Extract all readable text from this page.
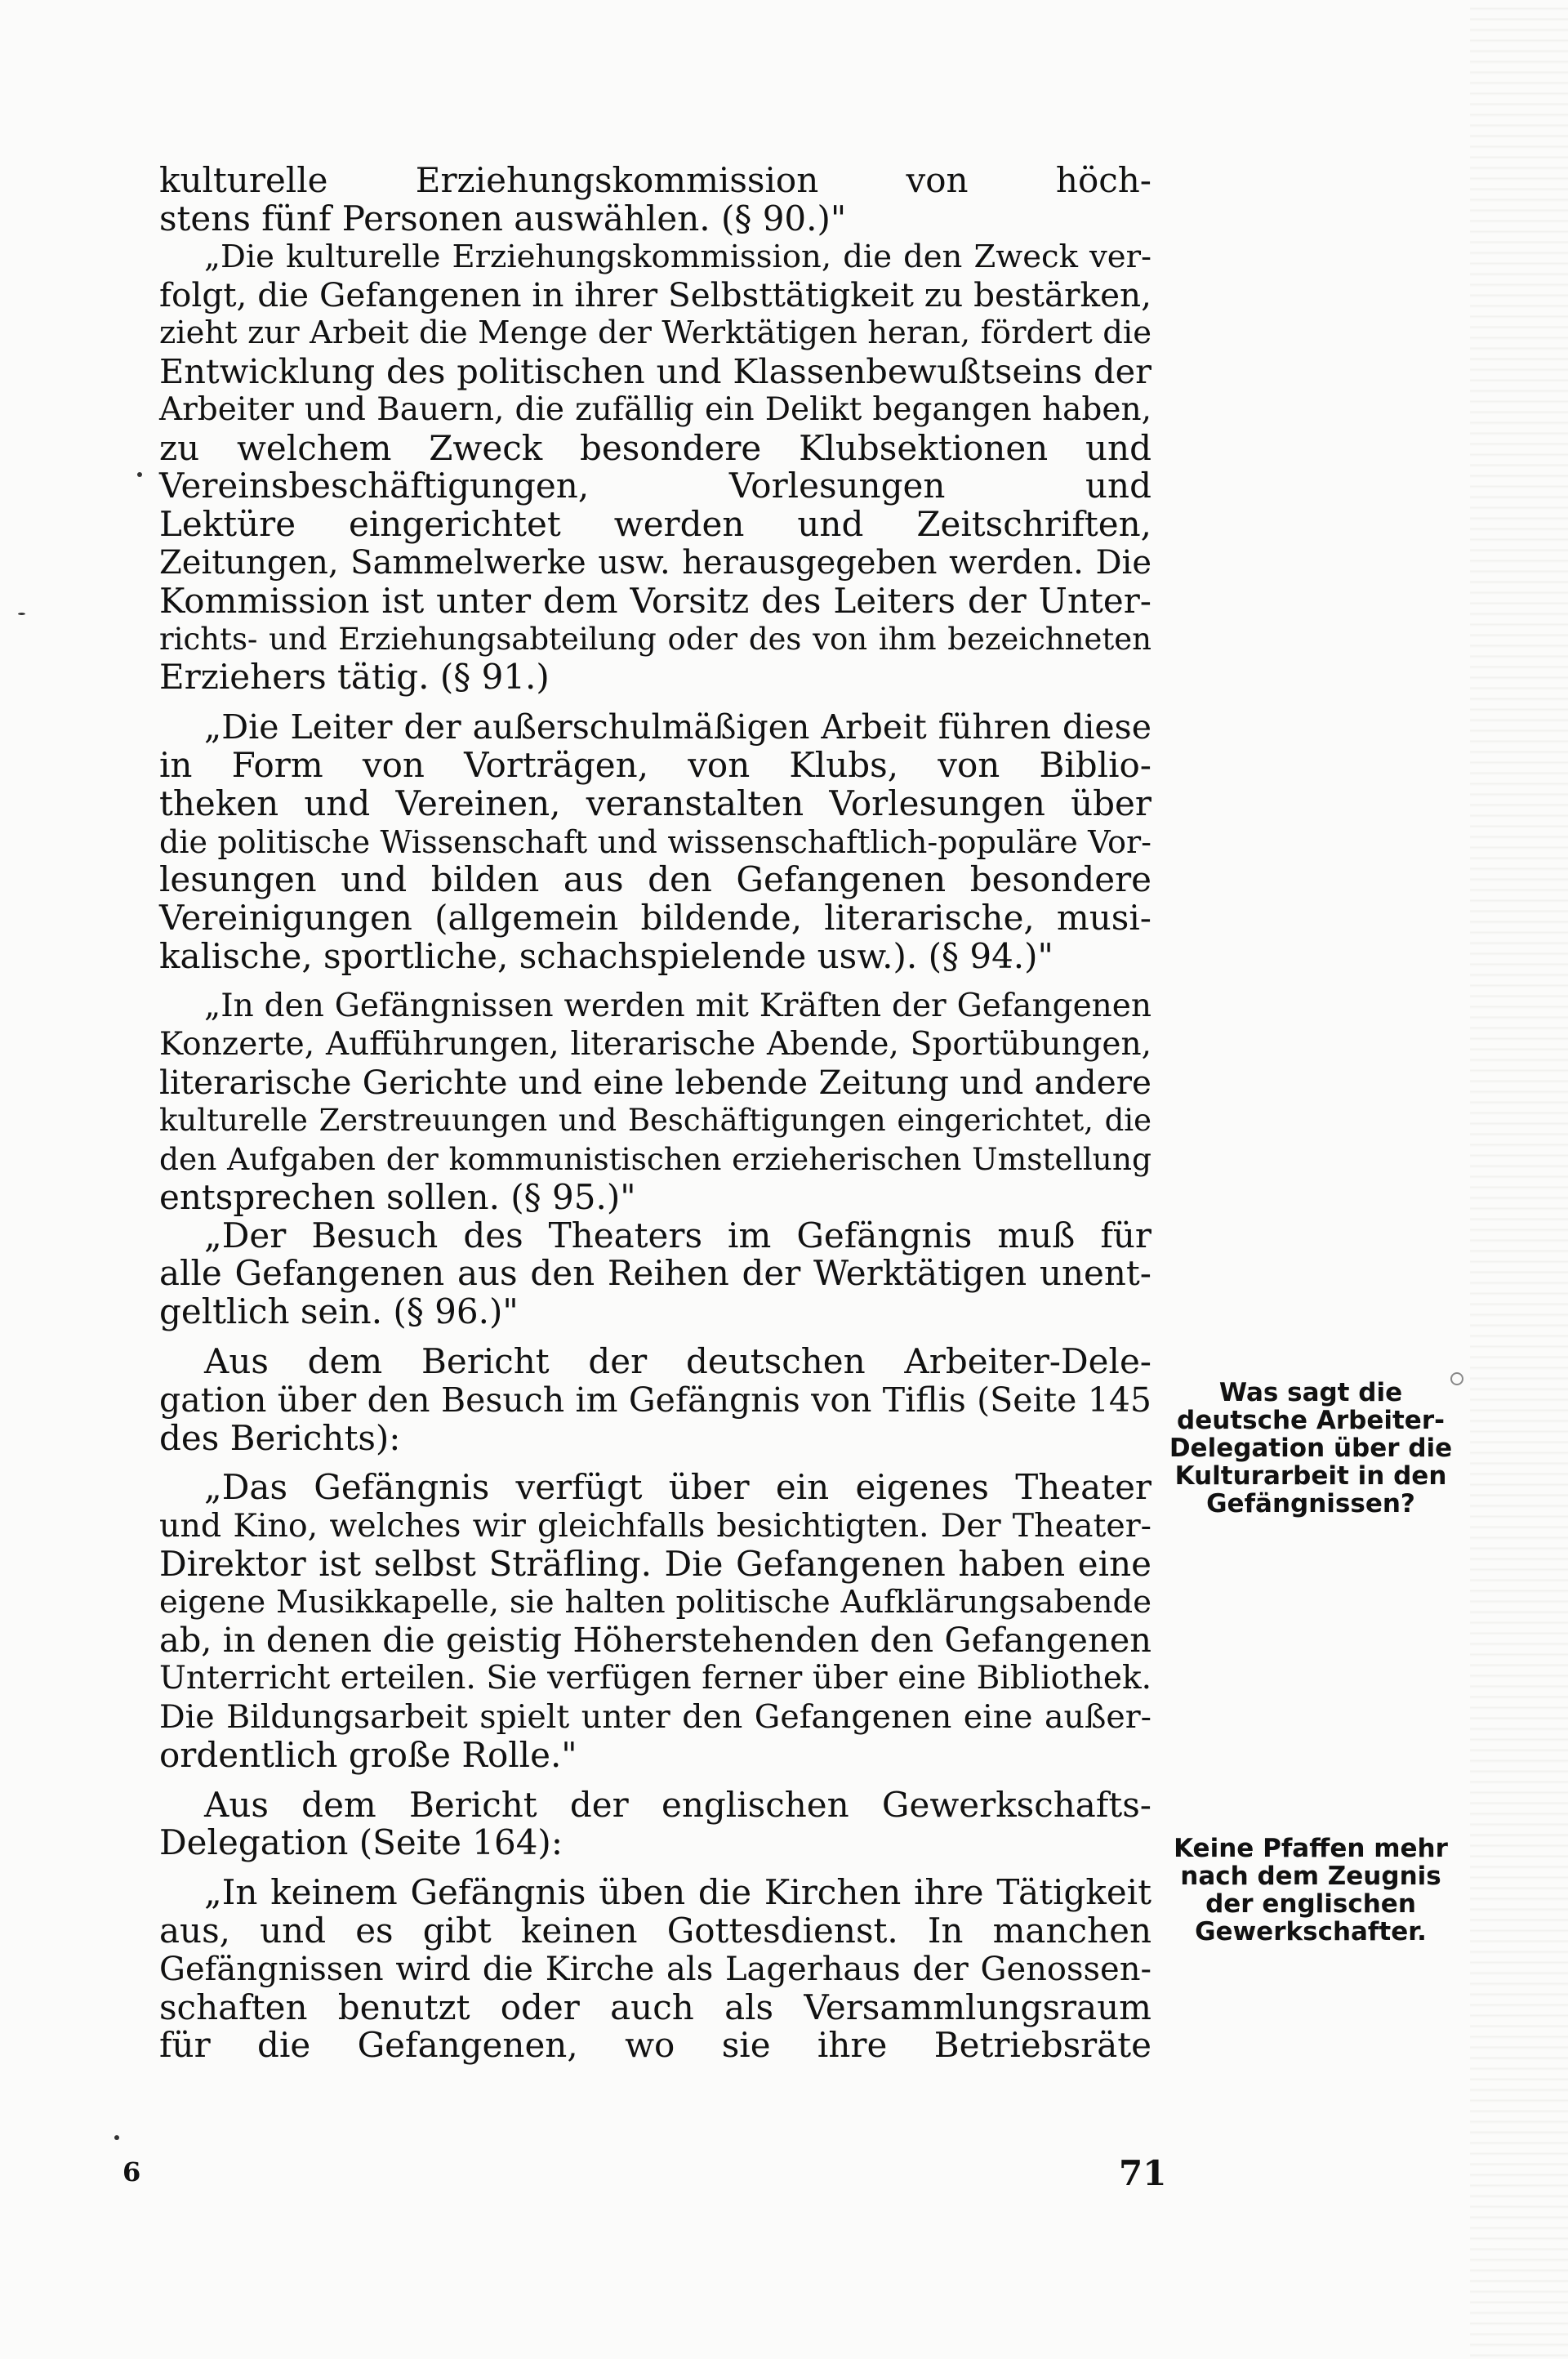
kulturelle Erziehungskommission von höch-
stens fünf Personen auswählen. (§ 90.)"
„Die kulturelle Erziehungskommission, die den Zweck ver-
folgt, die Gefangenen in ihrer Selbsttätigkeit zu bestärken,
zieht zur Arbeit die Menge der Werktätigen heran, fördert die
Entwicklung des politischen und Klassenbewußtseins der
Arbeiter und Bauern, die zufällig ein Delikt begangen haben,
zu welchem Zweck besondere Klubsektionen und
Vereinsbeschäftigungen, Vorlesungen und
Lektüre eingerichtet werden und Zeitschriften,
Zeitungen, Sammelwerke usw. herausgegeben werden. Die
Kommission ist unter dem Vorsitz des Leiters der Unter-
richts- und Erziehungsabteilung oder des von ihm bezeichneten
Erziehers tätig. (§ 91.)
„Die Leiter der außerschulmäßigen Arbeit führen diese
in Form von Vorträgen, von Klubs, von Biblio-
theken und Vereinen, veranstalten Vorlesungen über
die politische Wissenschaft und wissenschaftlich-populäre Vor-
lesungen und bilden aus den Gefangenen besondere
Vereinigungen (allgemein bildende, literarische, musi-
kalische, sportliche, schachspielende usw.). (§ 94.)"
„In den Gefängnissen werden mit Kräften der Gefangenen
Konzerte, Aufführungen, literarische Abende, Sportübungen,
literarische Gerichte und eine lebende Zeitung und andere
kulturelle Zerstreuungen und Beschäftigungen eingerichtet, die
den Aufgaben der kommunistischen erzieherischen Umstellung
entsprechen sollen. (§ 95.)"
„Der Besuch des Theaters im Gefängnis muß für
alle Gefangenen aus den Reihen der Werktätigen unent-
geltlich sein. (§ 96.)"
Aus dem Bericht der deutschen Arbeiter-Dele-
gation über den Besuch im Gefängnis von Tiflis (Seite 145
des Berichts):
„Das Gefängnis verfügt über ein eigenes Theater
und Kino, welches wir gleichfalls besichtigten. Der Theater-
Direktor ist selbst Sträfling. Die Gefangenen haben eine
eigene Musikkapelle, sie halten politische Aufklärungsabende
ab, in denen die geistig Höherstehenden den Gefangenen
Unterricht erteilen. Sie verfügen ferner über eine Bibliothek.
Die Bildungsarbeit spielt unter den Gefangenen eine außer-
ordentlich große Rolle."
Aus dem Bericht der englischen Gewerkschafts-
Delegation (Seite 164):
„In keinem Gefängnis üben die Kirchen ihre Tätigkeit
aus, und es gibt keinen Gottesdienst. In manchen
Gefängnissen wird die Kirche als Lagerhaus der Genossen-
schaften benutzt oder auch als Versammlungsraum
für die Gefangenen, wo sie ihre Betriebsräte
Was sagt die
deutsche Arbeiter-
Delegation über die
Kulturarbeit in den
Gefängnissen?
Keine Pfaffen mehr
nach dem Zeugnis
der englischen
Gewerkschafter.
6	71
